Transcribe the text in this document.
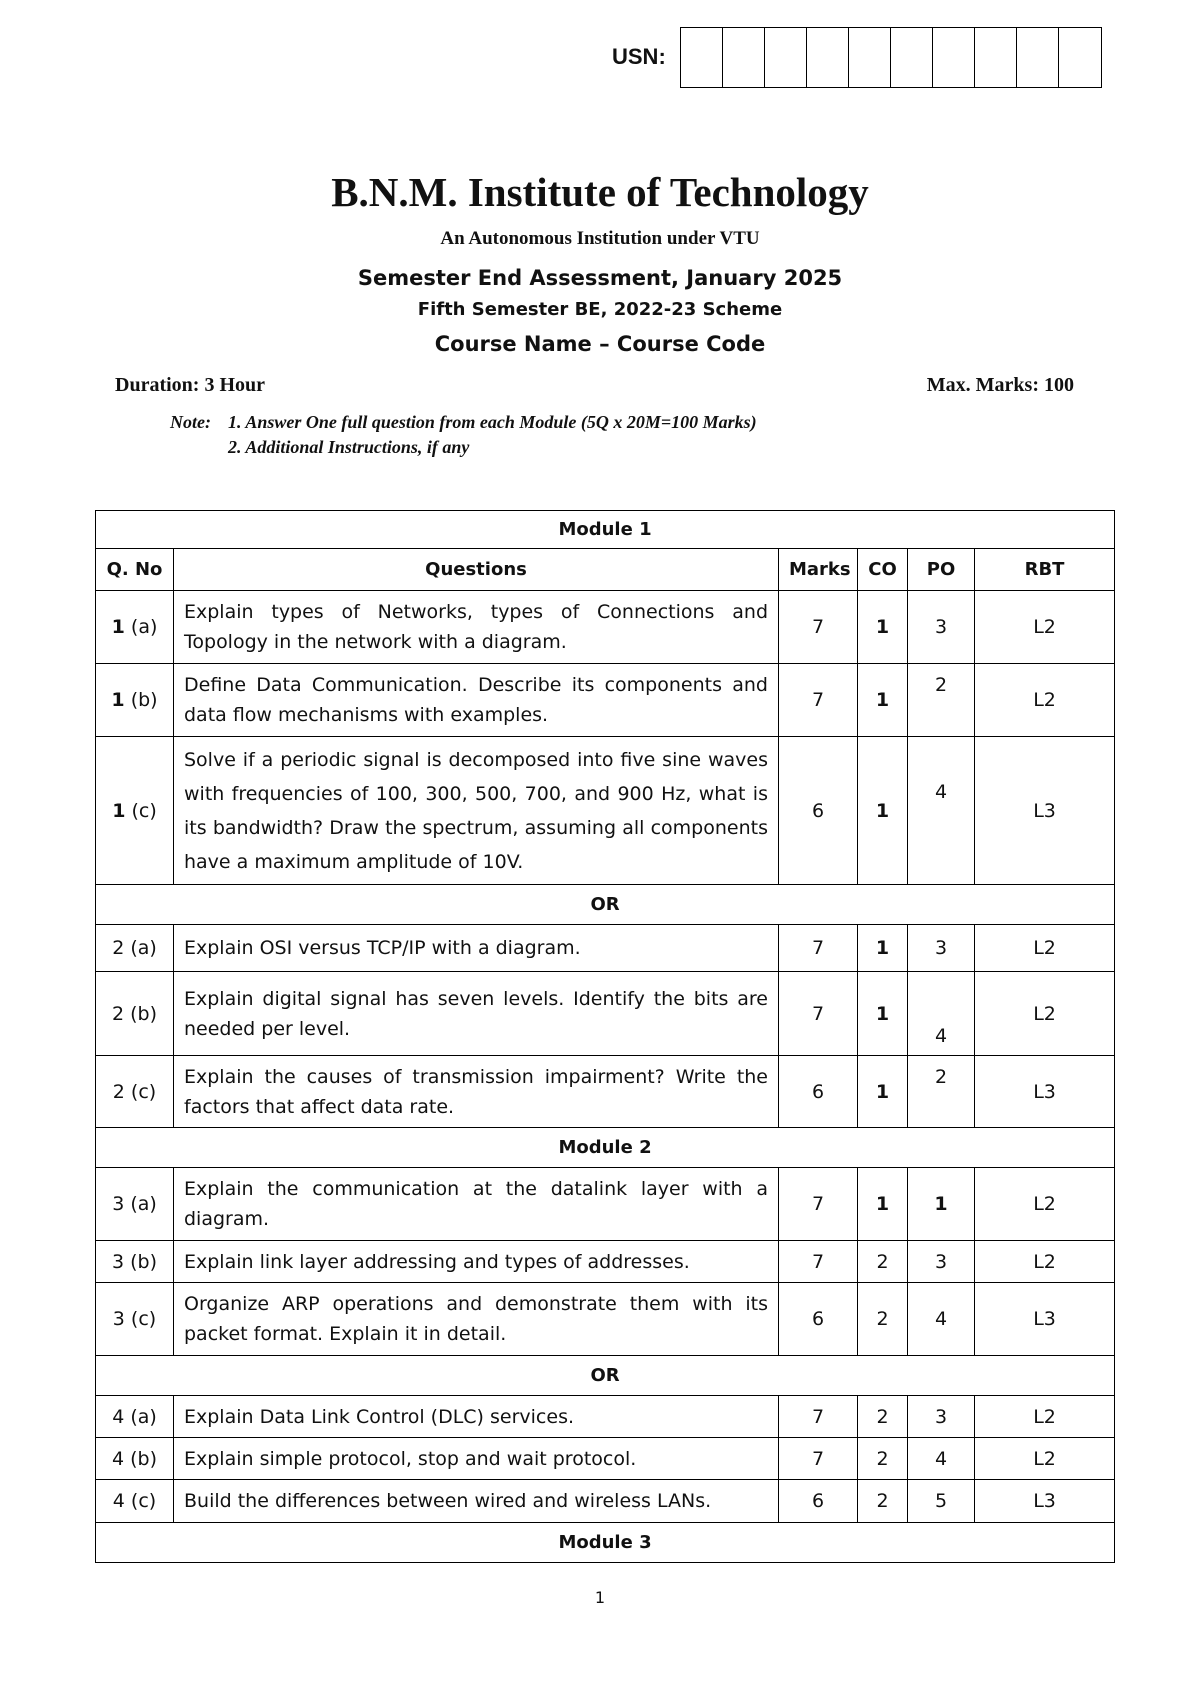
USN:
B.N.M. Institute of Technology
An Autonomous Institution under VTU
Semester End Assessment, January 2025
Fifth Semester BE, 2022-23 Scheme
Course Name – Course Code
Duration: 3 Hour	Max. Marks: 100
Note: 1. Answer One full question from each Module (5Q x 20M=100 Marks)
2. Additional Instructions, if any
Module 1					
Q. No	Questions	Marks	CO	PO	RBT
1 (a)	Explain types of Networks, types of Connections and Topology in the network with a diagram.	7	1	3	L2
1 (b)	Define Data Communication. Describe its components and data flow mechanisms with examples.	7	1	2	L2
1 (c)	Solve if a periodic signal is decomposed into five sine waves with frequencies of 100, 300, 500, 700, and 900 Hz, what is its bandwidth? Draw the spectrum, assuming all components have a maximum amplitude of 10V.	6	1	4	L3
OR					
2 (a)	Explain OSI versus TCP/IP with a diagram.	7	1	3	L2
2 (b)	Explain digital signal has seven levels. Identify the bits are needed per level.	7	1	4	L2
2 (c)	Explain the causes of transmission impairment? Write the factors that affect data rate.	6	1	2	L3
Module 2					
3 (a)	Explain the communication at the datalink layer with a diagram.	7	1	1	L2
3 (b)	Explain link layer addressing and types of addresses.	7	2	3	L2
3 (c)	Organize ARP operations and demonstrate them with its packet format. Explain it in detail.	6	2	4	L3
OR					
4 (a)	Explain Data Link Control (DLC) services.	7	2	3	L2
4 (b)	Explain simple protocol, stop and wait protocol.	7	2	4	L2
4 (c)	Build the differences between wired and wireless LANs.	6	2	5	L3
Module 3					
1
